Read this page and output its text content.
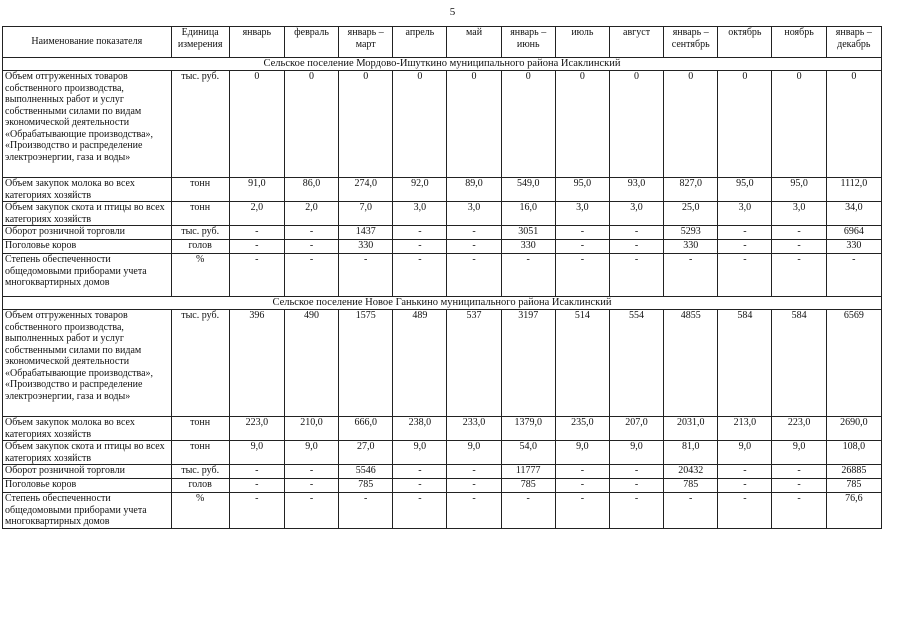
5
Наименование показателя	Единица измерения	январь	февраль	январь – март	апрель	май	январь – июнь	июль	август	январь – сентябрь	октябрь	ноябрь	январь – декабрь
Сельское поселение Мордово-Ишуткино муниципального района Исаклинский													
Объем отгруженных товаров собственного производства, выполненных работ и услуг собственными силами по видам экономической деятельности «Обрабатывающие производства», «Производство и распределение электроэнергии, газа и воды»	тыс. руб.	0	0	0	0	0	0	0	0	0	0	0	0
Объем закупок молока во всех категориях хозяйств	тонн	91,0	86,0	274,0	92,0	89,0	549,0	95,0	93,0	827,0	95,0	95,0	1112,0
Объем закупок скота и птицы во всех категориях хозяйств	тонн	2,0	2,0	7,0	3,0	3,0	16,0	3,0	3,0	25,0	3,0	3,0	34,0
Оборот розничной торговли	тыс. руб.	-	-	1437	-	-	3051	-	-	5293	-	-	6964
Поголовье коров	голов	-	-	330	-	-	330	-	-	330	-	-	330
Степень обеспеченности общедомовыми приборами учета многоквартирных домов	%	-	-	-	-	-	-	-	-	-	-	-	-
Сельское поселение Новое Ганькино муниципального района Исаклинский													
Объем отгруженных товаров собственного производства, выполненных работ и услуг собственными силами по видам экономической деятельности «Обрабатывающие производства», «Производство и распределение электроэнергии, газа и воды»	тыс. руб.	396	490	1575	489	537	3197	514	554	4855	584	584	6569
Объем закупок молока во всех категориях хозяйств	тонн	223,0	210,0	666,0	238,0	233,0	1379,0	235,0	207,0	2031,0	213,0	223,0	2690,0
Объем закупок скота и птицы во всех категориях хозяйств	тонн	9,0	9,0	27,0	9,0	9,0	54,0	9,0	9,0	81,0	9,0	9,0	108,0
Оборот розничной торговли	тыс. руб.	-	-	5546	-	-	11777	-	-	20432	-	-	26885
Поголовье коров	голов	-	-	785	-	-	785	-	-	785	-	-	785
Степень обеспеченности общедомовыми приборами учета многоквартирных домов	%	-	-	-	-	-	-	-	-	-	-	-	76,6
